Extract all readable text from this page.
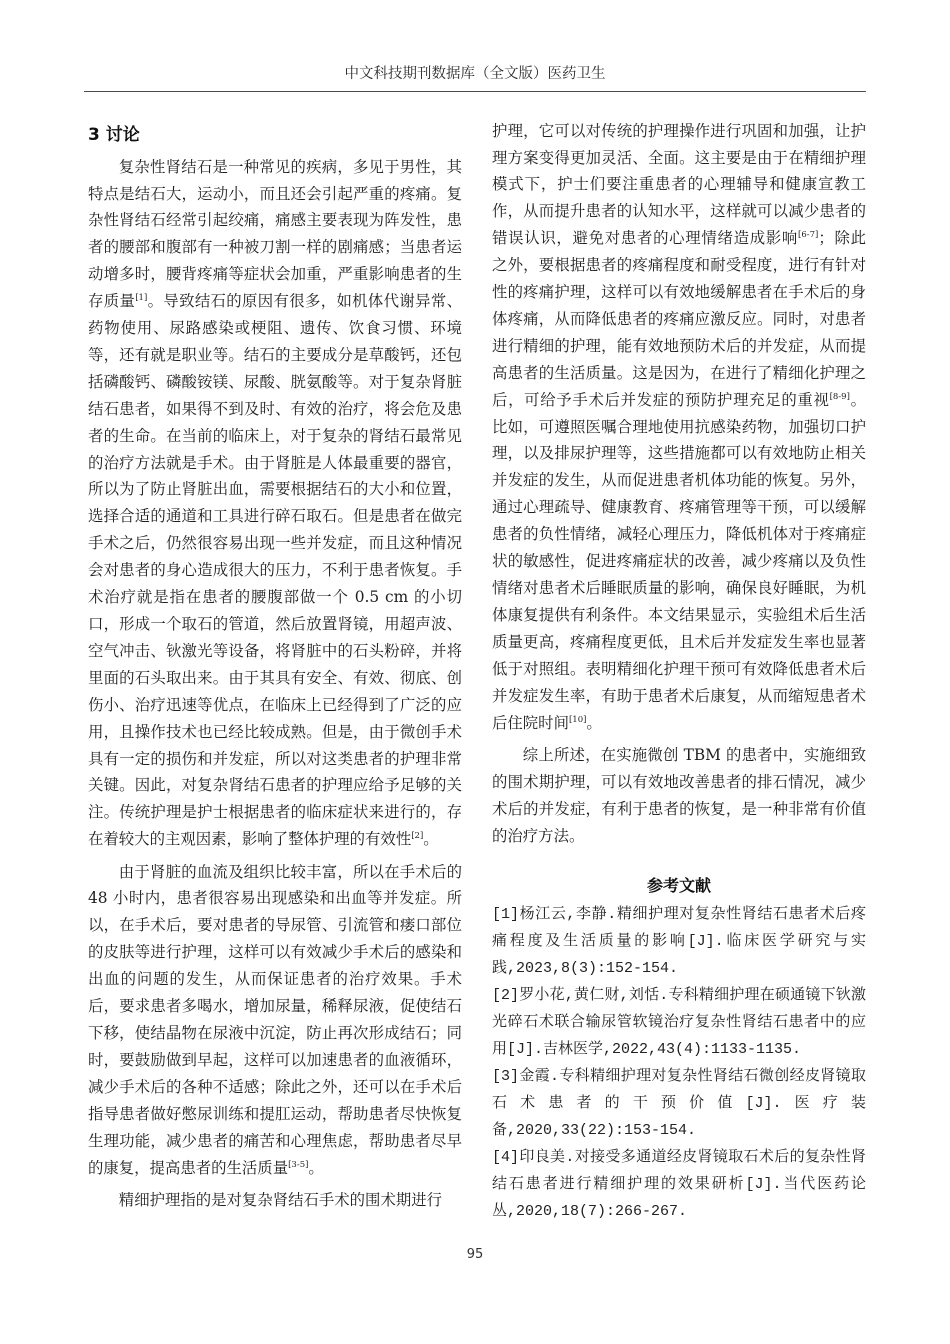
中文科技期刊数据库（全文版）医药卫生
3 讨论

复杂性肾结石是一种常见的疾病，多见于男性，其特点是结石大，运动小，而且还会引起严重的疼痛。复杂性肾结石经常引起绞痛，痛感主要表现为阵发性，患者的腰部和腹部有一种被刀割一样的剧痛感；当患者运动增多时，腰背疼痛等症状会加重，严重影响患者的生存质量[1]。导致结石的原因有很多，如机体代谢异常、药物使用、尿路感染或梗阻、遗传、饮食习惯、环境等，还有就是职业等。结石的主要成分是草酸钙，还包括磷酸钙、磷酸铵镁、尿酸、胱氨酸等。对于复杂肾脏结石患者，如果得不到及时、有效的治疗，将会危及患者的生命。在当前的临床上，对于复杂的肾结石最常见的治疗方法就是手术。由于肾脏是人体最重要的器官，所以为了防止肾脏出血，需要根据结石的大小和位置，选择合适的通道和工具进行碎石取石。但是患者在做完手术之后，仍然很容易出现一些并发症，而且这种情况会对患者的身心造成很大的压力，不利于患者恢复。手术治疗就是指在患者的腰腹部做一个 0.5 cm 的小切口，形成一个取石的管道，然后放置肾镜，用超声波、空气冲击、钬激光等设备，将肾脏中的石头粉碎，并将里面的石头取出来。由于其具有安全、有效、彻底、创伤小、治疗迅速等优点，在临床上已经得到了广泛的应用，且操作技术也已经比较成熟。但是，由于微创手术具有一定的损伤和并发症，所以对这类患者的护理非常关键。因此，对复杂肾结石患者的护理应给予足够的关注。传统护理是护士根据患者的临床症状来进行的，存在着较大的主观因素，影响了整体护理的有效性[2]。

由于肾脏的血流及组织比较丰富，所以在手术后的 48 小时内，患者很容易出现感染和出血等并发症。所以，在手术后，要对患者的导尿管、引流管和瘘口部位的皮肤等进行护理，这样可以有效减少手术后的感染和出血的问题的发生，从而保证患者的治疗效果。手术后，要求患者多喝水，增加尿量，稀释尿液，促使结石下移，使结晶物在尿液中沉淀，防止再次形成结石；同时，要鼓励做到早起，这样可以加速患者的血液循环，减少手术后的各种不适感；除此之外，还可以在手术后指导患者做好憋尿训练和提肛运动，帮助患者尽快恢复生理功能，减少患者的痛苦和心理焦虑，帮助患者尽早的康复，提高患者的生活质量[3-5]。

精细护理指的是对复杂肾结石手术的围术期进行

护理，它可以对传统的护理操作进行巩固和加强，让护理方案变得更加灵活、全面。这主要是由于在精细护理模式下，护士们要注重患者的心理辅导和健康宣教工作，从而提升患者的认知水平，这样就可以减少患者的错误认识，避免对患者的心理情绪造成影响[6-7]；除此之外，要根据患者的疼痛程度和耐受程度，进行有针对性的疼痛护理，这样可以有效地缓解患者在手术后的身体疼痛，从而降低患者的疼痛应激反应。同时，对患者进行精细的护理，能有效地预防术后的并发症，从而提高患者的生活质量。这是因为，在进行了精细化护理之后，可给予手术后并发症的预防护理充足的重视[8-9]。比如，可遵照医嘱合理地使用抗感染药物，加强切口护理，以及排尿护理等，这些措施都可以有效地防止相关并发症的发生，从而促进患者机体功能的恢复。另外，通过心理疏导、健康教育、疼痛管理等干预，可以缓解患者的负性情绪，减轻心理压力，降低机体对于疼痛症状的敏感性，促进疼痛症状的改善，减少疼痛以及负性情绪对患者术后睡眠质量的影响，确保良好睡眠，为机体康复提供有利条件。本文结果显示，实验组术后生活质量更高，疼痛程度更低，且术后并发症发生率也显著低于对照组。表明精细化护理干预可有效降低患者术后并发症发生率，有助于患者术后康复，从而缩短患者术后住院时间[10]。

综上所述，在实施微创 TBM 的患者中，实施细致的围术期护理，可以有效地改善患者的排石情况，减少术后的并发症，有利于患者的恢复，是一种非常有价值的治疗方法。

参考文献

[1]杨江云,李静.精细护理对复杂性肾结石患者术后疼痛程度及生活质量的影响[J].临床医学研究与实践,2023,8(3):152-154.

[2]罗小花,黄仁财,刘恬.专科精细护理在硕通镜下钬激光碎石术联合输尿管软镜治疗复杂性肾结石患者中的应用[J].吉林医学,2022,43(4):1133-1135.

[3]金霞.专科精细护理对复杂性肾结石微创经皮肾镜取石术患者的干预价值[J].医疗装备,2020,33(22):153-154.

[4]印良美.对接受多通道经皮肾镜取石术后的复杂性肾结石患者进行精细护理的效果研析[J].当代医药论丛,2020,18(7):266-267.

95
